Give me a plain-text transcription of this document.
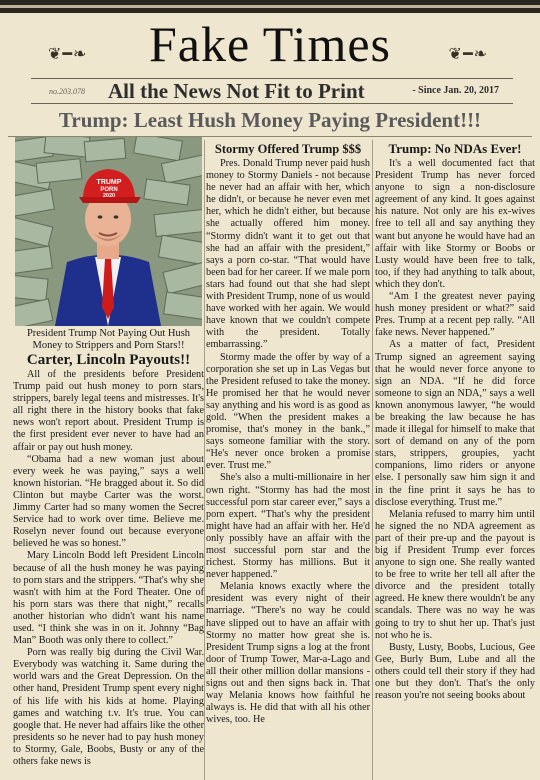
❦━❧	Fake Times	❦━❧
no.203.078 All the News Not Fit to Print	- Since Jan. 20, 2017
Trump: Least Hush Money Paying President!!!
TRUMP
PORN
2020
President Trump Not Paying Out Hush Money to Strippers and Porn Stars!!
Carter, Lincoln Payouts!!

All of the presidents before President Trump paid out hush money to porn stars, strippers, barely legal teens and mistresses. It's all right there in the history books that fake news won't report about. President Trump is the first president ever never to have had an affair or pay out hush money.

“Obama had a new woman just about every week he was paying,” says a well known historian. “He bragged about it. So did Clinton but maybe Carter was the worst. Jimmy Carter had so many women the Secret Service had to work over time. Believe me. Roselyn never found out because everyone believed he was so honest.”

Mary Lincoln Bodd left President Lincoln because of all the hush money he was paying to porn stars and the strippers. “That's why she wasn't with him at the Ford Theater. One of his porn stars was there that night,” recalls another historian who didn't want his name used. “I think she was in on it. Johnny “Bag Man” Booth was only there to collect.”

Porn was really big during the Civil War. Everybody was watching it. Same during the world wars and the Great Depression. On the other hand, President Trump spent every night of his life with his kids at home. Playing games and watching t.v. It's true. You can google that. He never had affairs like the other presidents so he never had to pay hush money to Stormy, Gale, Boobs, Busty or any of the others fake news is

Stormy Offered Trump $$$

Pres. Donald Trump never paid hush money to Stormy Daniels - not because he never had an affair with her, which he didn't, or because he never even met her, which he didn't either, but because she actually offered him money. “Stormy didn't want it to get out that she had an affair with the president,” says a porn co-star. “That would have been bad for her career. If we male porn stars had found out that she had slept with President Trump, none of us would have worked with her again. We would have known that we couldn't compete with the president. Totally embarrassing.”

Stormy made the offer by way of a corporation she set up in Las Vegas but the President refused to take the money. He promised her that he would never say anything and his word is as good as gold. “When the president makes a promise, that's money in the bank.,” says someone familiar with the story. “He's never once broken a promise ever. Trust me.”

She's also a multi-millionaire in her own right. “Stormy has had the most successful porn star career ever,” says a porn expert. “That's why the president might have had an affair with her. He'd only possibly have an affair with the most successful porn star and the richest. Stormy has millions. But it never happened.”

Melania knows exactly where the president was every night of their marriage. “There's no way he could have slipped out to have an affair with Stormy no matter how great she is. President Trump signs a log at the front door of Trump Tower, Mar-a-Lago and all their other million dollar mansions - signs out and then signs back in. That way Melania knows how faithful he always is. He did that with all his other wives, too. He

Trump: No NDAs Ever!

It's a well documented fact that President Trump has never forced anyone to sign a non-disclosure agreement of any kind. It goes against his nature. Not only are his ex-wives free to tell all and say anything they want but anyone he would have had an affair with like Stormy or Boobs or Lusty would have been free to talk, too, if they had anything to talk about, which they don't.

“Am I the greatest never paying hush money president or what?” said Pres. Trump at a recent pep rally. “All fake news. Never happened.”

As a matter of fact, President Trump signed an agreement saying that he would never force anyone to sign an NDA. “If he did force someone to sign an NDA,” says a well known anonymous lawyer, “he would be breaking the law because he has made it illegal for himself to make that sort of demand on any of the porn stars, strippers, groupies, yacht companions, limo riders or anyone else. I personally saw him sign it and in the fine print it says he has to disclose everything. Trust me.”

Melania refused to marry him until he signed the no NDA agreement as part of their pre-up and the payout is big if President Trump ever forces anyone to sign one. She really wanted to be free to write her tell all after the divorce and the president totally agreed. He knew there wouldn't be any scandals. There was no way he was going to try to shut her up. That's just not who he is.

Busty, Lusty, Boobs, Lucious, Gee Gee, Burly Bum, Lube and all the others could tell their story if they had one but they don't. That's the only reason you're not seeing books about
